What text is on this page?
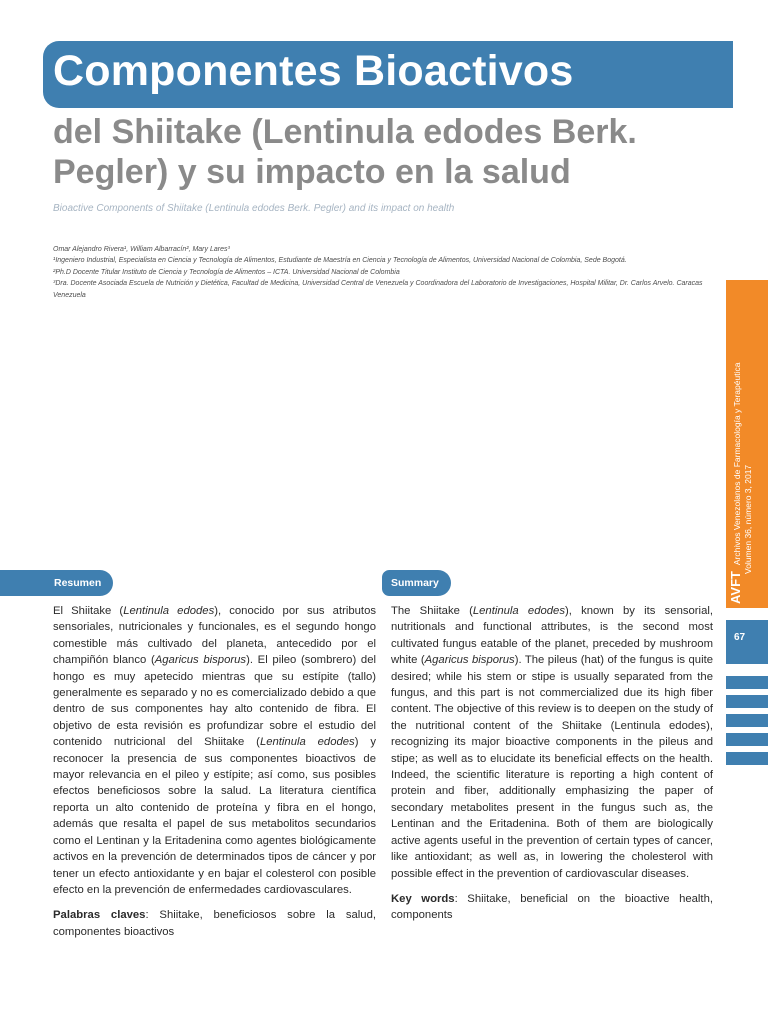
Componentes Bioactivos
del Shiitake (Lentinula edodes Berk. Pegler) y su impacto en la salud
Bioactive Components of Shiitake (Lentinula edodes Berk. Pegler) and its impact on health

Omar Alejandro Rivera¹, William Albarracín², Mary Lares³

¹Ingeniero Industrial, Especialista en Ciencia y Tecnología de Alimentos, Estudiante de Maestría en Ciencia y Tecnología de Alimentos, Universidad Nacional de Colombia, Sede Bogotá.

²Ph.D Docente Titular Instituto de Ciencia y Tecnología de Alimentos – ICTA. Universidad Nacional de Colombia

³Dra. Docente Asociada Escuela de Nutrición y Dietética, Facultad de Medicina, Universidad Central de Venezuela y Coordinadora del Laboratorio de Investigaciones, Hospital Militar, Dr. Carlos Arvelo. Caracas Venezuela

AVFT Archivos Venezolanos de Farmacología y Terapéutica Volumen 36, número 3, 2017
67
Resumen	Summary

El Shiitake (Lentinula edodes), conocido por sus atributos sensoriales, nutricionales y funcionales, es el segundo hongo comestible más cultivado del planeta, antecedido por el champiñón blanco (Agaricus bisporus). El pileo (sombrero) del hongo es muy apetecido mientras que su estípite (tallo) generalmente es separado y no es comercializado debido a que dentro de sus componentes hay alto contenido de fibra. El objetivo de esta revisión es profundizar sobre el estudio del contenido nutricional del Shiitake (Lentinula edodes) y reconocer la presencia de sus componentes bioactivos de mayor relevancia en el pileo y estípite; así como, sus posibles efectos beneficiosos sobre la salud. La literatura científica reporta un alto contenido de proteína y fibra en el hongo, además que resalta el papel de sus metabolitos secundarios como el Lentinan y la Eritadenina como agentes biológicamente activos en la prevención de determinados tipos de cáncer y por tener un efecto antioxidante y en bajar el colesterol con posible efecto en la prevención de enfermedades cardiovasculares.

Palabras claves: Shiitake, beneficiosos sobre la salud, componentes bioactivos

The Shiitake (Lentinula edodes), known by its sensorial, nutritionals and functional attributes, is the second most cultivated fungus eatable of the planet, preceded by mushroom white (Agaricus bisporus). The pileus (hat) of the fungus is quite desired; while his stem or stipe is usually separated from the fungus, and this part is not commercialized due its high fiber content. The objective of this review is to deepen on the study of the nutritional content of the Shiitake (Lentinula edodes), recognizing its major bioactive components in the pileus and stipe; as well as to elucidate its beneficial effects on the health. Indeed, the scientific literature is reporting a high content of protein and fiber, additionally emphasizing the paper of secondary metabolites present in the fungus such as, the Lentinan and the Eritadenina. Both of them are biologically active agents useful in the prevention of certain types of cancer, like antioxidant; as well as, in lowering the cholesterol with possible effect in the prevention of cardiovascular diseases.

Key words: Shiitake, beneficial on the bioactive health, components
